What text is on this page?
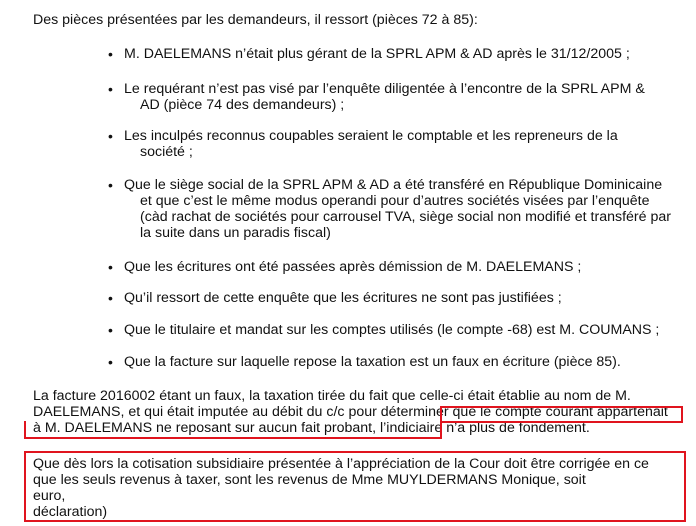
Des pièces présentées par les demandeurs, il ressort (pièces 72 à 85):
• M. DAELEMANS n’était plus gérant de la SPRL APM & AD après le 31/12/2005 ;
• Le requérant n’est pas visé par l’enquête diligentée à l’encontre de la SPRL APM &
AD (pièce 74 des demandeurs) ;
• Les inculpés reconnus coupables seraient le comptable et les repreneurs de la
société ;
• Que le siège social de la SPRL APM & AD a été transféré en République Dominicaine
et que c’est le même modus operandi pour d’autres sociétés visées par l’enquête
(càd rachat de sociétés pour carrousel TVA, siège social non modifié et transféré par
la suite dans un paradis fiscal)
• Que les écritures ont été passées après démission de M. DAELEMANS ;
• Qu’il ressort de cette enquête que les écritures ne sont pas justifiées ;
• Que le titulaire et mandat sur les comptes utilisés (le compte -68) est M. COUMANS ;
• Que la facture sur laquelle repose la taxation est un faux en écriture (pièce 85).
La facture 2016002 étant un faux, la taxation tirée du fait que celle-ci était établie au nom de M.
DAELEMANS, et qui était imputée au débit du c/c pour déterminer que le compte courant appartenait
à M. DAELEMANS ne reposant sur aucun fait probant, l’indiciaire n’a plus de fondement.
Que dès lors la cotisation subsidiaire présentée à l’appréciation de la Cour doit être corrigée en ce
que les seuls revenus à taxer, sont les revenus de Mme MUYLDERMANS Monique, soit
euro,
déclaration)
